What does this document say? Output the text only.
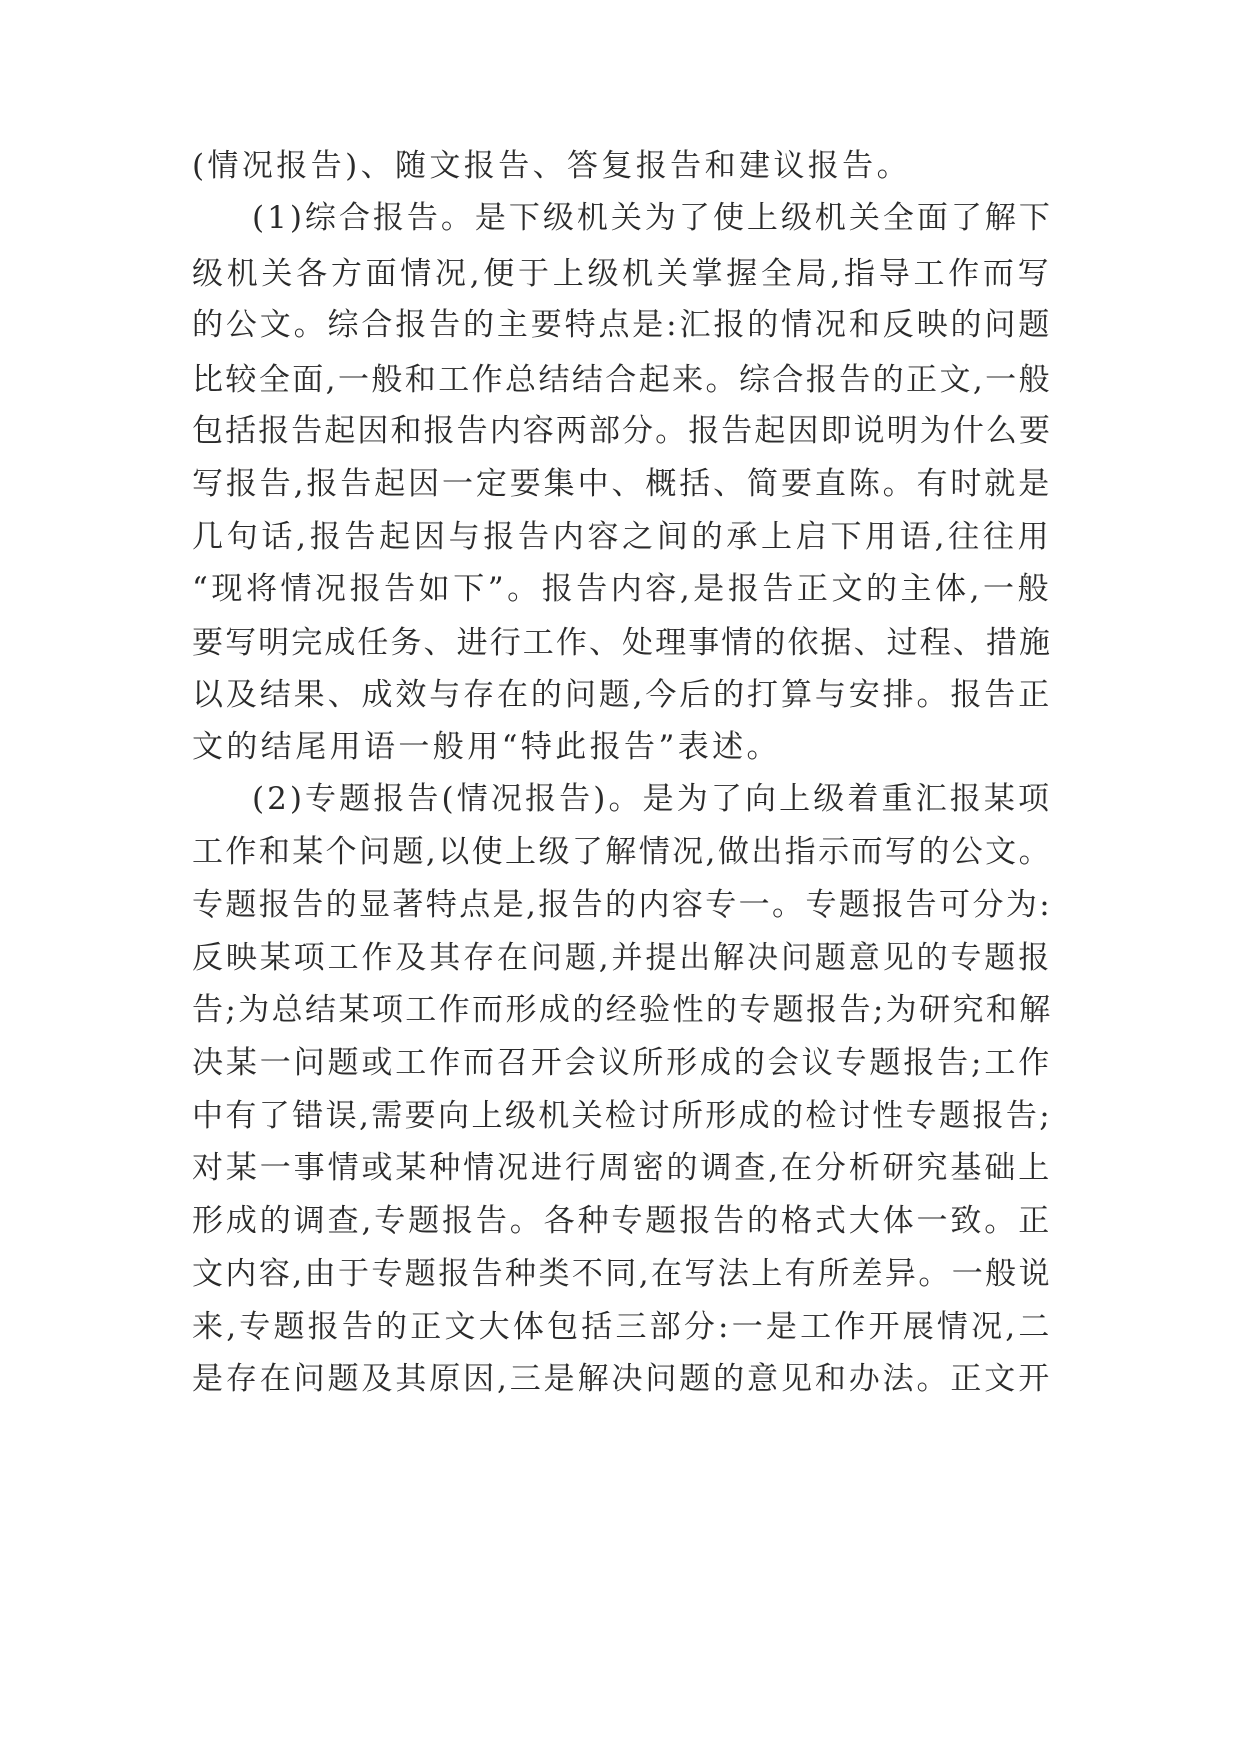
(情况报告)、随文报告、答复报告和建议报告。
(1)综合报告。是下级机关为了使上级机关全面了解下
级机关各方面情况,便于上级机关掌握全局,指导工作而写
的公文。综合报告的主要特点是:汇报的情况和反映的问题
比较全面,一般和工作总结结合起来。综合报告的正文,一般
包括报告起因和报告内容两部分。报告起因即说明为什么要
写报告,报告起因一定要集中、概括、简要直陈。有时就是
几句话,报告起因与报告内容之间的承上启下用语,往往用
“现将情况报告如下”。报告内容,是报告正文的主体,一般
要写明完成任务、进行工作、处理事情的依据、过程、措施
以及结果、成效与存在的问题,今后的打算与安排。报告正
文的结尾用语一般用“特此报告”表述。
(2)专题报告(情况报告)。是为了向上级着重汇报某项
工作和某个问题,以使上级了解情况,做出指示而写的公文。
专题报告的显著特点是,报告的内容专一。专题报告可分为:
反映某项工作及其存在问题,并提出解决问题意见的专题报
告;为总结某项工作而形成的经验性的专题报告;为研究和解
决某一问题或工作而召开会议所形成的会议专题报告;工作
中有了错误,需要向上级机关检讨所形成的检讨性专题报告;
对某一事情或某种情况进行周密的调查,在分析研究基础上
形成的调查,专题报告。各种专题报告的格式大体一致。正
文内容,由于专题报告种类不同,在写法上有所差异。一般说
来,专题报告的正文大体包括三部分:一是工作开展情况,二
是存在问题及其原因,三是解决问题的意见和办法。正文开
